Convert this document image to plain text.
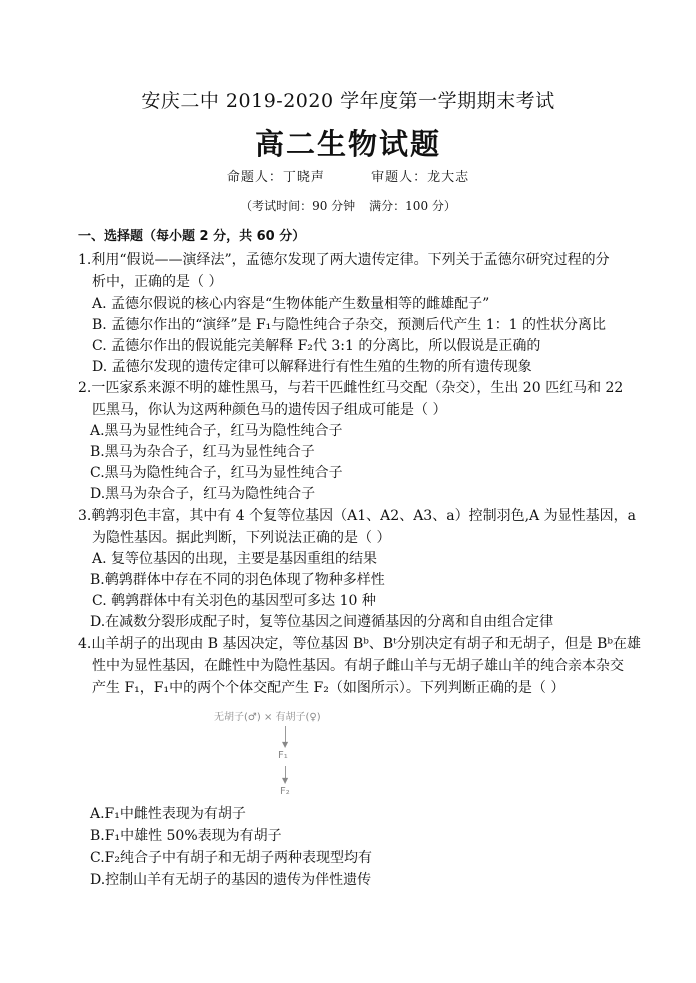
安庆二中 2019-2020 学年度第一学期期末考试
高二生物试题
命题人：丁晓声	审题人：龙大志
（考试时间：90 分钟 满分：100 分）
一、选择题（每小题 2 分，共 60 分）
1.利用“假说——演绎法”，孟德尔发现了两大遗传定律。下列关于孟德尔研究过程的分
析中，正确的是（ ）
A. 孟德尔假说的核心内容是“生物体能产生数量相等的雌雄配子”
B. 孟德尔作出的“演绎”是 F₁与隐性纯合子杂交，预测后代产生 1：1 的性状分离比
C. 孟德尔作出的假说能完美解释 F₂代 3:1 的分离比，所以假说是正确的
D. 孟德尔发现的遗传定律可以解释进行有性生殖的生物的所有遗传现象
2.一匹家系来源不明的雄性黑马，与若干匹雌性红马交配（杂交），生出 20 匹红马和 22
匹黑马，你认为这两种颜色马的遗传因子组成可能是（ ）
A.黑马为显性纯合子，红马为隐性纯合子
B.黑马为杂合子，红马为显性纯合子
C.黑马为隐性纯合子，红马为显性纯合子
D.黑马为杂合子，红马为隐性纯合子
3.鹌鹑羽色丰富，其中有 4 个复等位基因（A1、A2、A3、a）控制羽色,A 为显性基因，a
为隐性基因。据此判断，下列说法正确的是（ ）
A. 复等位基因的出现，主要是基因重组的结果
B.鹌鹑群体中存在不同的羽色体现了物种多样性
C. 鹌鹑群体中有关羽色的基因型可多达 10 种
D.在减数分裂形成配子时，复等位基因之间遵循基因的分离和自由组合定律
4.山羊胡子的出现由 B 基因决定，等位基因 Bᵇ、Bᵗ分别决定有胡子和无胡子，但是 Bᵇ在雄
性中为显性基因，在雌性中为隐性基因。有胡子雌山羊与无胡子雄山羊的纯合亲本杂交
产生 F₁，F₁中的两个个体交配产生 F₂（如图所示）。下列判断正确的是（ ）
无胡子(♂) × 有胡子(♀)
▼
F₁
▼
F₂
A.F₁中雌性表现为有胡子
B.F₁中雄性 50%表现为有胡子
C.F₂纯合子中有胡子和无胡子两种表现型均有
D.控制山羊有无胡子的基因的遗传为伴性遗传
